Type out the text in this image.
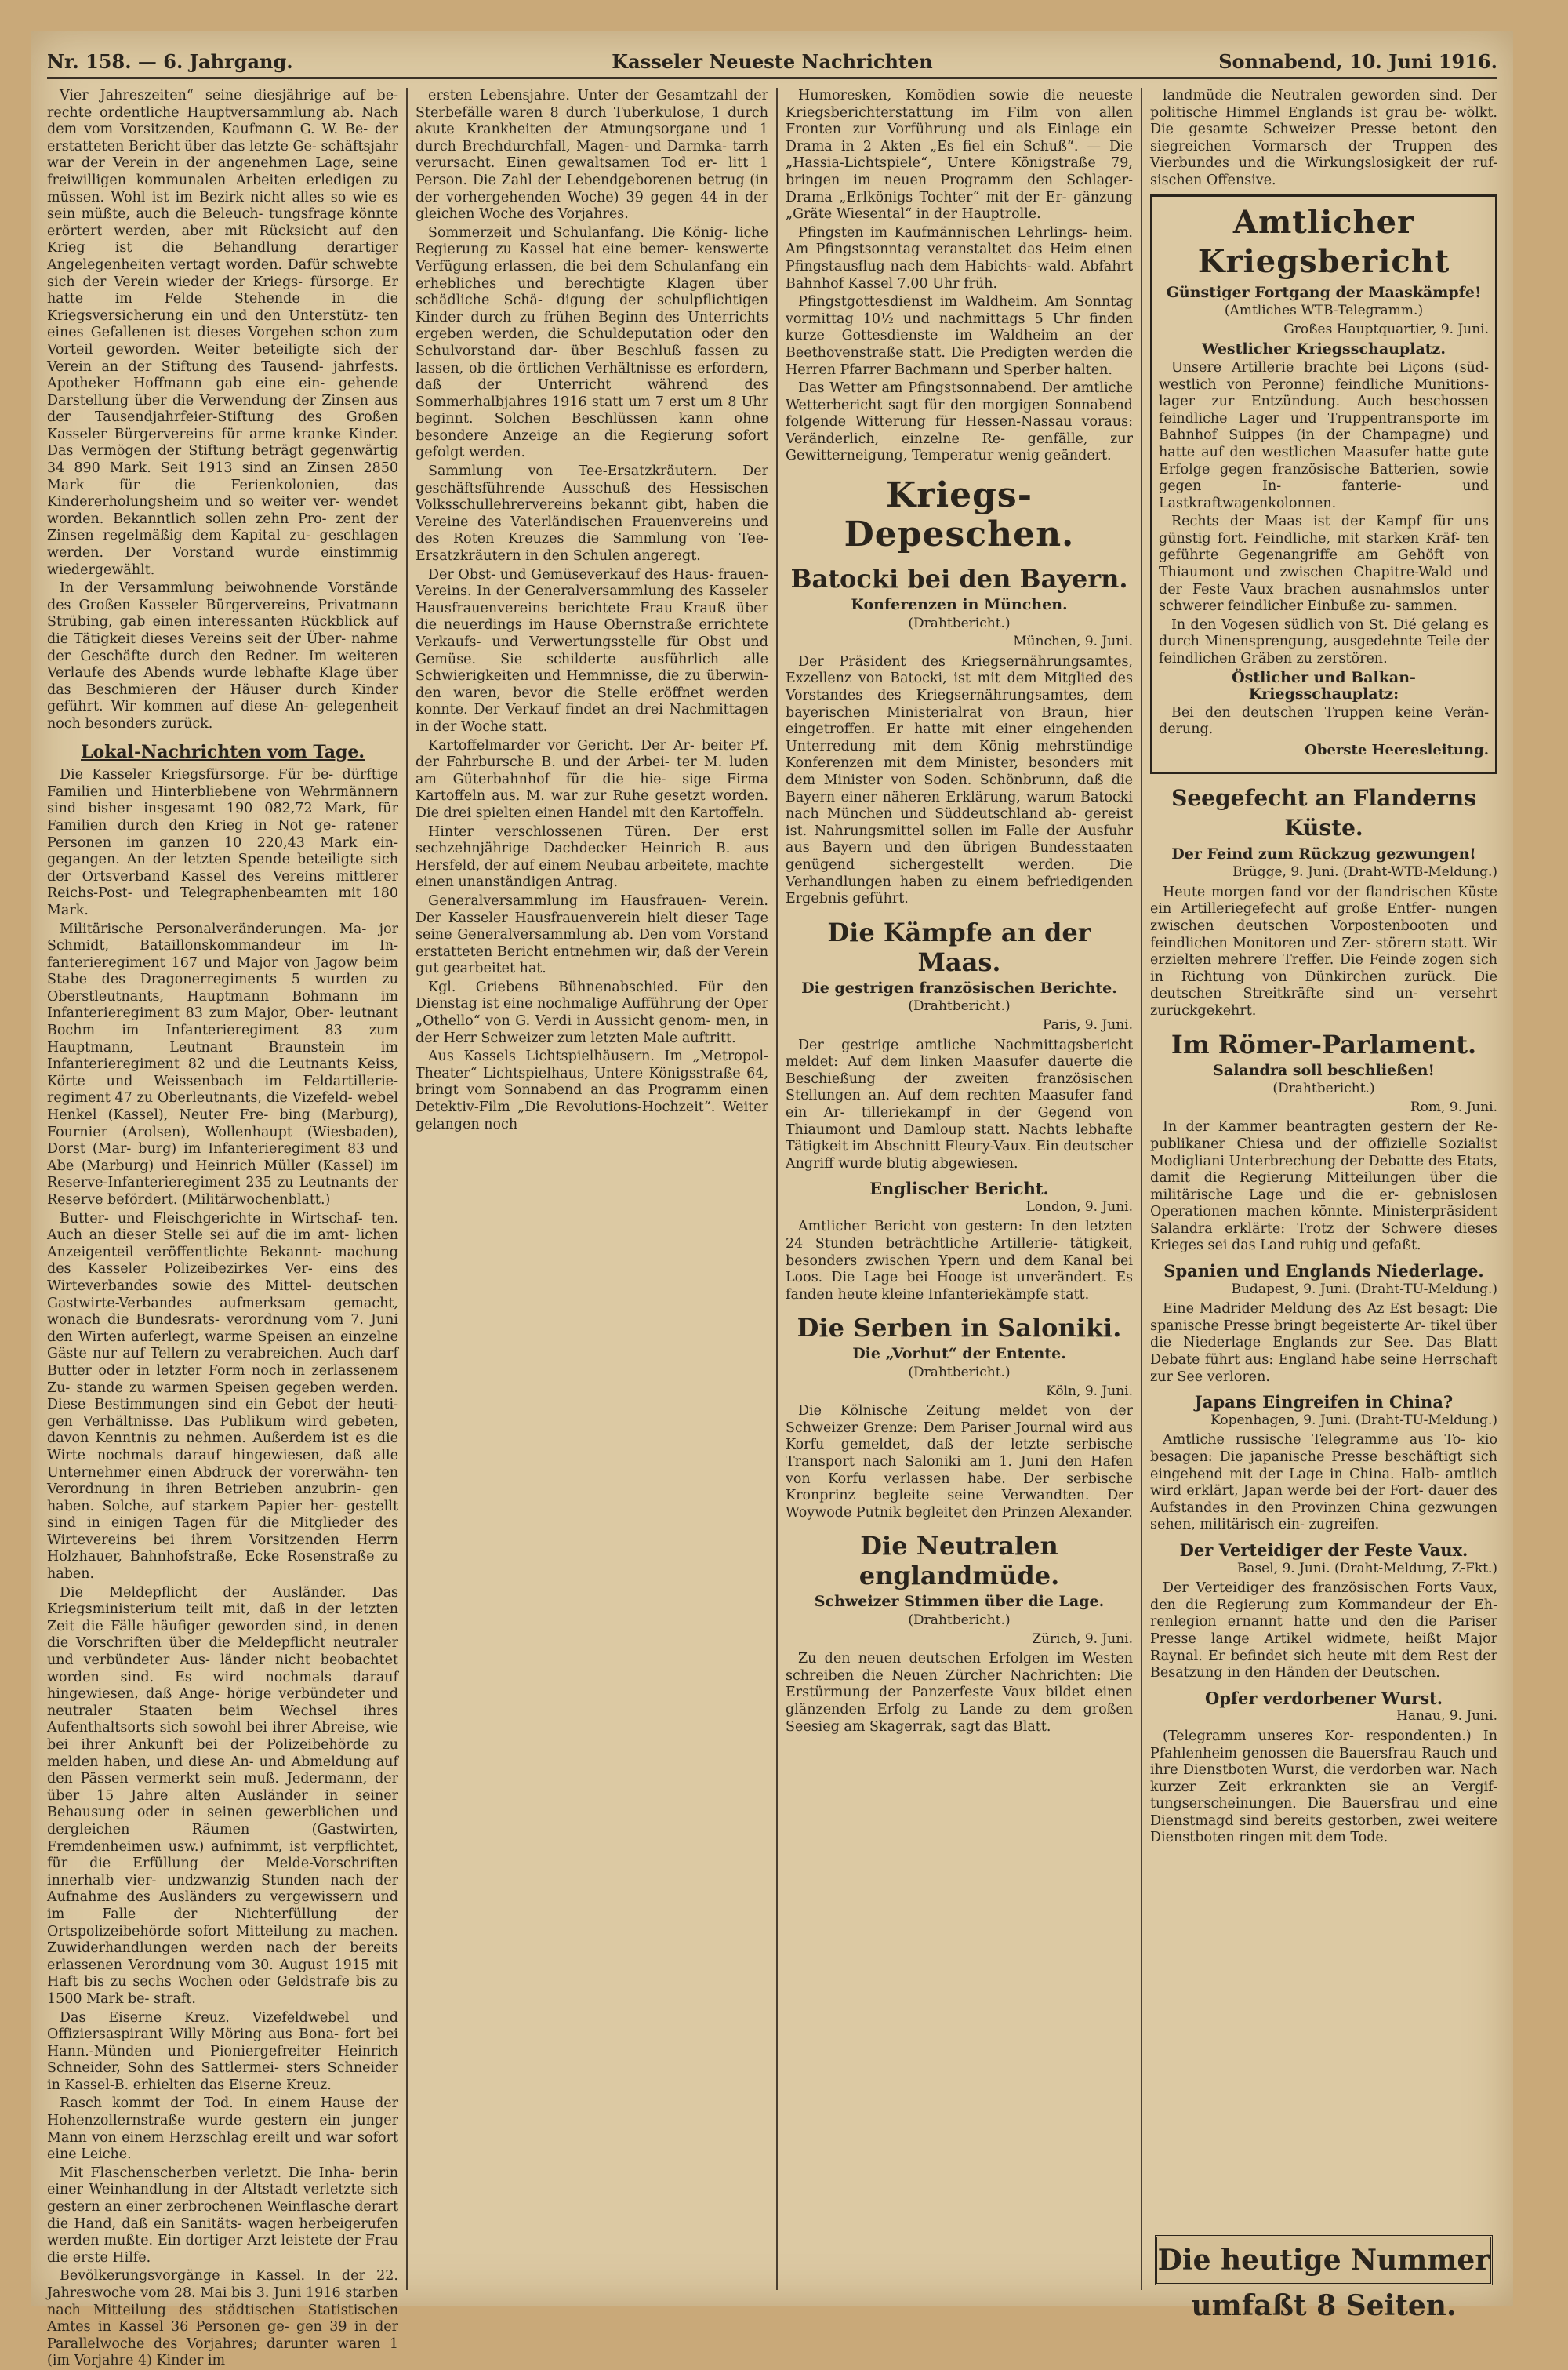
Nr. 158. — 6. Jahrgang.	Kasseler Neueste Nachrichten	Sonnabend, 10. Juni 1916.

Vier Jahreszeiten“ seine diesjährige auf be- rechte ordentliche Hauptversammlung ab. Nach dem vom Vorsitzenden, Kaufmann G. W. Be- der erstatteten Bericht über das letzte Ge- schäftsjahr war der Verein in der angenehmen Lage, seine freiwilligen kommunalen Arbeiten erledigen zu müssen. Wohl ist im Bezirk nicht alles so wie es sein müßte, auch die Beleuch- tungsfrage könnte erörtert werden, aber mit Rücksicht auf den Krieg ist die Behandlung derartiger Angelegenheiten vertagt worden. Dafür schwebte sich der Verein wieder der Kriegs- fürsorge. Er hatte im Felde Stehende in die Kriegsversicherung ein und den Unterstütz- ten eines Gefallenen ist dieses Vorgehen schon zum Vorteil geworden. Weiter beteiligte sich der Verein an der Stiftung des Tausend- jahrfests. Apotheker Hoffmann gab eine ein- gehende Darstellung über die Verwendung der Zinsen aus der Tausendjahrfeier-Stiftung des Großen Kasseler Bürgervereins für arme kranke Kinder. Das Vermögen der Stiftung beträgt gegenwärtig 34 890 Mark. Seit 1913 sind an Zinsen 2850 Mark für die Ferienkolonien, das Kindererholungsheim und so weiter ver- wendet worden. Bekanntlich sollen zehn Pro- zent der Zinsen regelmäßig dem Kapital zu- geschlagen werden. Der Vorstand wurde einstimmig wiedergewählt.

In der Versammlung beiwohnende Vorstände des Großen Kasseler Bürgervereins, Privatmann Strübing, gab einen interessanten Rückblick auf die Tätigkeit dieses Vereins seit der Über- nahme der Geschäfte durch den Redner. Im weiteren Verlaufe des Abends wurde lebhafte Klage über das Beschmieren der Häuser durch Kinder geführt. Wir kommen auf diese An- gelegenheit noch besonders zurück.

Lokal-Nachrichten vom Tage.

Die Kasseler Kriegsfürsorge. Für be- dürftige Familien und Hinterbliebene von Wehrmännern sind bisher insgesamt 190 082,72 Mark, für Familien durch den Krieg in Not ge- ratener Personen im ganzen 10 220,43 Mark ein- gegangen. An der letzten Spende beteiligte sich der Ortsverband Kassel des Vereins mittlerer Reichs-Post- und Telegraphenbeamten mit 180 Mark.

Militärische Personalveränderungen. Ma- jor Schmidt, Bataillonskommandeur im In- fanterieregiment 167 und Major von Jagow beim Stabe des Dragonerregiments 5 wurden zu Oberstleutnants, Hauptmann Bohmann im Infanterieregiment 83 zum Major, Ober- leutnant Bochm im Infanterieregiment 83 zum Hauptmann, Leutnant Braunstein im Infanterieregiment 82 und die Leutnants Keiss, Körte und Weissenbach im Feldartillerie- regiment 47 zu Oberleutnants, die Vizefeld- webel Henkel (Kassel), Neuter Fre- bing (Marburg), Fournier (Arolsen), Wollenhaupt (Wiesbaden), Dorst (Mar- burg) im Infanterieregiment 83 und Abe (Marburg) und Heinrich Müller (Kassel) im Reserve-Infanterieregiment 235 zu Leutnants der Reserve befördert. (Militärwochenblatt.)

Butter- und Fleischgerichte in Wirtschaf- ten. Auch an dieser Stelle sei auf die im amt- lichen Anzeigenteil veröffentlichte Bekannt- machung des Kasseler Polizeibezirkes Ver- eins des Wirteverbandes sowie des Mittel- deutschen Gastwirte-Verbandes aufmerksam gemacht, wonach die Bundesrats- verordnung vom 7. Juni den Wirten auferlegt, warme Speisen an einzelne Gäste nur auf Tellern zu verabreichen. Auch darf Butter oder in letzter Form noch in zerlassenem Zu- stande zu warmen Speisen gegeben werden. Diese Bestimmungen sind ein Gebot der heuti- gen Verhältnisse. Das Publikum wird gebeten, davon Kenntnis zu nehmen. Außerdem ist es die Wirte nochmals darauf hingewiesen, daß alle Unternehmer einen Abdruck der vorerwähn- ten Verordnung in ihren Betrieben anzubrin- gen haben. Solche, auf starkem Papier her- gestellt sind in einigen Tagen für die Mitglieder des Wirtevereins bei ihrem Vorsitzenden Herrn Holzhauer, Bahnhofstraße, Ecke Rosenstraße zu haben.

Die Meldepflicht der Ausländer. Das Kriegsministerium teilt mit, daß in der letzten Zeit die Fälle häufiger geworden sind, in denen die Vorschriften über die Meldepflicht neutraler und verbündeter Aus- länder nicht beobachtet worden sind. Es wird nochmals darauf hingewiesen, daß Ange- hörige verbündeter und neutraler Staaten beim Wechsel ihres Aufenthaltsorts sich sowohl bei ihrer Abreise, wie bei ihrer Ankunft bei der Polizeibehörde zu melden haben, und diese An- und Abmeldung auf den Pässen vermerkt sein muß. Jedermann, der über 15 Jahre alten Ausländer in seiner Behausung oder in seinen gewerblichen und dergleichen Räumen (Gastwirten, Fremdenheimen usw.) aufnimmt, ist verpflichtet, für die Erfüllung der Melde-Vorschriften innerhalb vier- undzwanzig Stunden nach der Aufnahme des Ausländers zu vergewissern und im Falle der Nichterfüllung der Ortspolizeibehörde sofort Mitteilung zu machen. Zuwiderhandlungen werden nach der bereits erlassenen Verordnung vom 30. August 1915 mit Haft bis zu sechs Wochen oder Geldstrafe bis zu 1500 Mark be- straft.

Das Eiserne Kreuz. Vizefeldwebel und Offiziersaspirant Willy Möring aus Bona- fort bei Hann.-Münden und Pioniergefreiter Heinrich Schneider, Sohn des Sattlermei- sters Schneider in Kassel-B. erhielten das Eiserne Kreuz.

Rasch kommt der Tod. In einem Hause der Hohenzollernstraße wurde gestern ein junger Mann von einem Herzschlag ereilt und war sofort eine Leiche.

Mit Flaschenscherben verletzt. Die Inha- berin einer Weinhandlung in der Altstadt verletzte sich gestern an einer zerbrochenen Weinflasche derart die Hand, daß ein Sanitäts- wagen herbeigerufen werden mußte. Ein dortiger Arzt leistete der Frau die erste Hilfe.

Bevölkerungsvorgänge in Kassel. In der 22. Jahreswoche vom 28. Mai bis 3. Juni 1916 starben nach Mitteilung des städtischen Statistischen Amtes in Kassel 36 Personen ge- gen 39 in der Parallelwoche des Vorjahres; darunter waren 1 (im Vorjahre 4) Kinder im

ersten Lebensjahre. Unter der Gesamtzahl der Sterbefälle waren 8 durch Tuberkulose, 1 durch akute Krankheiten der Atmungsorgane und 1 durch Brechdurchfall, Magen- und Darmka- tarrh verursacht. Einen gewaltsamen Tod er- litt 1 Person. Die Zahl der Lebendgeborenen betrug (in der vorhergehenden Woche) 39 gegen 44 in der gleichen Woche des Vorjahres.

Sommerzeit und Schulanfang. Die König- liche Regierung zu Kassel hat eine bemer- kenswerte Verfügung erlassen, die bei dem Schulanfang ein erhebliches und berechtigte Klagen über schädliche Schä- digung der schulpflichtigen Kinder durch zu frühen Beginn des Unterrichts ergeben werden, die Schuldeputation oder den Schulvorstand dar- über Beschluß fassen zu lassen, ob die örtlichen Verhältnisse es erfordern, daß der Unterricht während des Sommerhalbjahres 1916 statt um 7 erst um 8 Uhr beginnt. Solchen Beschlüssen kann ohne besondere Anzeige an die Regierung sofort gefolgt werden.

Sammlung von Tee-Ersatzkräutern. Der geschäftsführende Ausschuß des Hessischen Volksschullehrervereins bekannt gibt, haben die Vereine des Vaterländischen Frauenvereins und des Roten Kreuzes die Sammlung von Tee-Ersatzkräutern in den Schulen angeregt.

Der Obst- und Gemüseverkauf des Haus- frauen-Vereins. In der Generalversammlung des Kasseler Hausfrauenvereins berichtete Frau Krauß über die neuerdings im Hause Obernstraße errichtete Verkaufs- und Verwertungsstelle für Obst und Gemüse. Sie schilderte ausführlich alle Schwierigkeiten und Hemmnisse, die zu überwin- den waren, bevor die Stelle eröffnet werden konnte. Der Verkauf findet an drei Nachmittagen in der Woche statt.

Kartoffelmarder vor Gericht. Der Ar- beiter Pf. der Fahrbursche B. und der Arbei- ter M. luden am Güterbahnhof für die hie- sige Firma Kartoffeln aus. M. war zur Ruhe gesetzt worden. Die drei spielten einen Handel mit den Kartoffeln.

Hinter verschlossenen Türen. Der erst sechzehnjährige Dachdecker Heinrich B. aus Hersfeld, der auf einem Neubau arbeitete, machte einen unanständigen Antrag.

Generalversammlung im Hausfrauen- Verein. Der Kasseler Hausfrauenverein hielt dieser Tage seine Generalversammlung ab. Den vom Vorstand erstatteten Bericht entnehmen wir, daß der Verein gut gearbeitet hat.

Kgl. Griebens Bühnenabschied. Für den Dienstag ist eine nochmalige Aufführung der Oper „Othello“ von G. Verdi in Aussicht genom- men, in der Herr Schweizer zum letzten Male auftritt.

Aus Kassels Lichtspielhäusern. Im „Metropol-Theater“ Lichtspielhaus, Untere Königsstraße 64, bringt vom Sonnabend an das Programm einen Detektiv-Film „Die Revolutions-Hochzeit“. Weiter gelangen noch

Humoresken, Komödien sowie die neueste Kriegsberichterstattung im Film von allen Fronten zur Vorführung und als Einlage ein Drama in 2 Akten „Es fiel ein Schuß“. — Die „Hassia-Lichtspiele“, Untere Königstraße 79, bringen im neuen Programm den Schlager-Drama „Erlkönigs Tochter“ mit der Er- gänzung „Gräte Wiesental“ in der Hauptrolle.

Pfingsten im Kaufmännischen Lehrlings- heim. Am Pfingstsonntag veranstaltet das Heim einen Pfingstausflug nach dem Habichts- wald. Abfahrt Bahnhof Kassel 7.00 Uhr früh.

Pfingstgottesdienst im Waldheim. Am Sonntag vormittag 10½ und nachmittags 5 Uhr finden kurze Gottesdienste im Waldheim an der Beethovenstraße statt. Die Predigten werden die Herren Pfarrer Bachmann und Sperber halten.

Das Wetter am Pfingstsonnabend. Der amtliche Wetterbericht sagt für den morgigen Sonnabend folgende Witterung für Hessen-Nassau voraus: Veränderlich, einzelne Re- genfälle, zur Gewitterneigung, Temperatur wenig geändert.

Kriegs-Depeschen.
Batocki bei den Bayern.
Konferenzen in München.
(Drahtbericht.)
München, 9. Juni.

Der Präsident des Kriegsernährungsamtes, Exzellenz von Batocki, ist mit dem Mitglied des Vorstandes des Kriegsernährungsamtes, dem bayerischen Ministerialrat von Braun, hier eingetroffen. Er hatte mit einer eingehenden Unterredung mit dem König mehrstündige Konferenzen mit dem Minister, besonders mit dem Minister von Soden. Schönbrunn, daß die Bayern einer näheren Erklärung, warum Batocki nach München und Süddeutschland ab- gereist ist. Nahrungsmittel sollen im Falle der Ausfuhr aus Bayern und den übrigen Bundesstaaten genügend sichergestellt werden. Die Verhandlungen haben zu einem befriedigenden Ergebnis geführt.

Die Kämpfe an der Maas.
Die gestrigen französischen Berichte.
(Drahtbericht.)
Paris, 9. Juni.

Der gestrige amtliche Nachmittagsbericht meldet: Auf dem linken Maasufer dauerte die Beschießung der zweiten französischen Stellungen an. Auf dem rechten Maasufer fand ein Ar- tilleriekampf in der Gegend von Thiaumont und Damloup statt. Nachts lebhafte Tätigkeit im Abschnitt Fleury-Vaux. Ein deutscher Angriff wurde blutig abgewiesen.

Englischer Bericht.
London, 9. Juni.

Amtlicher Bericht von gestern: In den letzten 24 Stunden beträchtliche Artillerie- tätigkeit, besonders zwischen Ypern und dem Kanal bei Loos. Die Lage bei Hooge ist unverändert. Es fanden heute kleine Infanteriekämpfe statt.

Die Serben in Saloniki.
Die „Vorhut“ der Entente.
(Drahtbericht.)
Köln, 9. Juni.

Die Kölnische Zeitung meldet von der Schweizer Grenze: Dem Pariser Journal wird aus Korfu gemeldet, daß der letzte serbische Transport nach Saloniki am 1. Juni den Hafen von Korfu verlassen habe. Der serbische Kronprinz begleite seine Verwandten. Der Woywode Putnik begleitet den Prinzen Alexander.

Die Neutralen englandmüde.
Schweizer Stimmen über die Lage.
(Drahtbericht.)
Zürich, 9. Juni.

Zu den neuen deutschen Erfolgen im Westen schreiben die Neuen Zürcher Nachrichten: Die Erstürmung der Panzerfeste Vaux bildet einen glänzenden Erfolg zu Lande zu dem großen Seesieg am Skagerrak, sagt das Blatt.

landmüde die Neutralen geworden sind. Der politische Himmel Englands ist grau be- wölkt. Die gesamte Schweizer Presse betont den siegreichen Vormarsch der Truppen des Vierbundes und die Wirkungslosigkeit der ruf- sischen Offensive.

Amtlicher Kriegsbericht
Günstiger Fortgang der Maaskämpfe!
(Amtliches WTB-Telegramm.)
Großes Hauptquartier, 9. Juni.
Westlicher Kriegsschauplatz.

Unsere Artillerie brachte bei Liçons (süd- westlich von Peronne) feindliche Munitions- lager zur Entzündung. Auch beschossen feindliche Lager und Truppentransporte im Bahnhof Suippes (in der Champagne) und hatte auf den westlichen Maasufer hatte gute Erfolge gegen französische Batterien, sowie gegen In- fanterie- und Lastkraftwagenkolonnen.

Rechts der Maas ist der Kampf für uns günstig fort. Feindliche, mit starken Kräf- ten geführte Gegenangriffe am Gehöft von Thiaumont und zwischen Chapitre-Wald und der Feste Vaux brachen ausnahmslos unter schwerer feindlicher Einbuße zu- sammen.

In den Vogesen südlich von St. Dié gelang es durch Minensprengung, ausgedehnte Teile der feindlichen Gräben zu zerstören.

Östlicher und Balkan-Kriegsschauplatz:

Bei den deutschen Truppen keine Verän- derung.

Oberste Heeresleitung.
Seegefecht an Flanderns Küste.
Der Feind zum Rückzug gezwungen!
Brügge, 9. Juni. (Draht-WTB-Meldung.)

Heute morgen fand vor der flandrischen Küste ein Artilleriegefecht auf große Entfer- nungen zwischen deutschen Vorpostenbooten und feindlichen Monitoren und Zer- störern statt. Wir erzielten mehrere Treffer. Die Feinde zogen sich in Richtung von Dünkirchen zurück. Die deutschen Streitkräfte sind un- versehrt zurückgekehrt.

Im Römer-Parlament.
Salandra soll beschließen!
(Drahtbericht.)
Rom, 9. Juni.

In der Kammer beantragten gestern der Re- publikaner Chiesa und der offizielle Sozialist Modigliani Unterbrechung der Debatte des Etats, damit die Regierung Mitteilungen über die militärische Lage und die er- gebnislosen Operationen machen könnte. Ministerpräsident Salandra erklärte: Trotz der Schwere dieses Krieges sei das Land ruhig und gefaßt.

Spanien und Englands Niederlage.
Budapest, 9. Juni. (Draht-TU-Meldung.)

Eine Madrider Meldung des Az Est besagt: Die spanische Presse bringt begeisterte Ar- tikel über die Niederlage Englands zur See. Das Blatt Debate führt aus: England habe seine Herrschaft zur See verloren.

Japans Eingreifen in China?
Kopenhagen, 9. Juni. (Draht-TU-Meldung.)

Amtliche russische Telegramme aus To- kio besagen: Die japanische Presse beschäftigt sich eingehend mit der Lage in China. Halb- amtlich wird erklärt, Japan werde bei der Fort- dauer des Aufstandes in den Provinzen China gezwungen sehen, militärisch ein- zugreifen.

Der Verteidiger der Feste Vaux.
Basel, 9. Juni. (Draht-Meldung, Z-Fkt.)

Der Verteidiger des französischen Forts Vaux, den die Regierung zum Kommandeur der Eh- renlegion ernannt hatte und den die Pariser Presse lange Artikel widmete, heißt Major Raynal. Er befindet sich heute mit dem Rest der Besatzung in den Händen der Deutschen.

Opfer verdorbener Wurst.
Hanau, 9. Juni.

(Telegramm unseres Kor- respondenten.) In Pfahlenheim genossen die Bauersfrau Rauch und ihre Dienstboten Wurst, die verdorben war. Nach kurzer Zeit erkrankten sie an Vergif- tungserscheinungen. Die Bauersfrau und eine Dienstmagd sind bereits gestorben, zwei weitere Dienstboten ringen mit dem Tode.

Die heutige Nummer umfaßt 8 Seiten.
